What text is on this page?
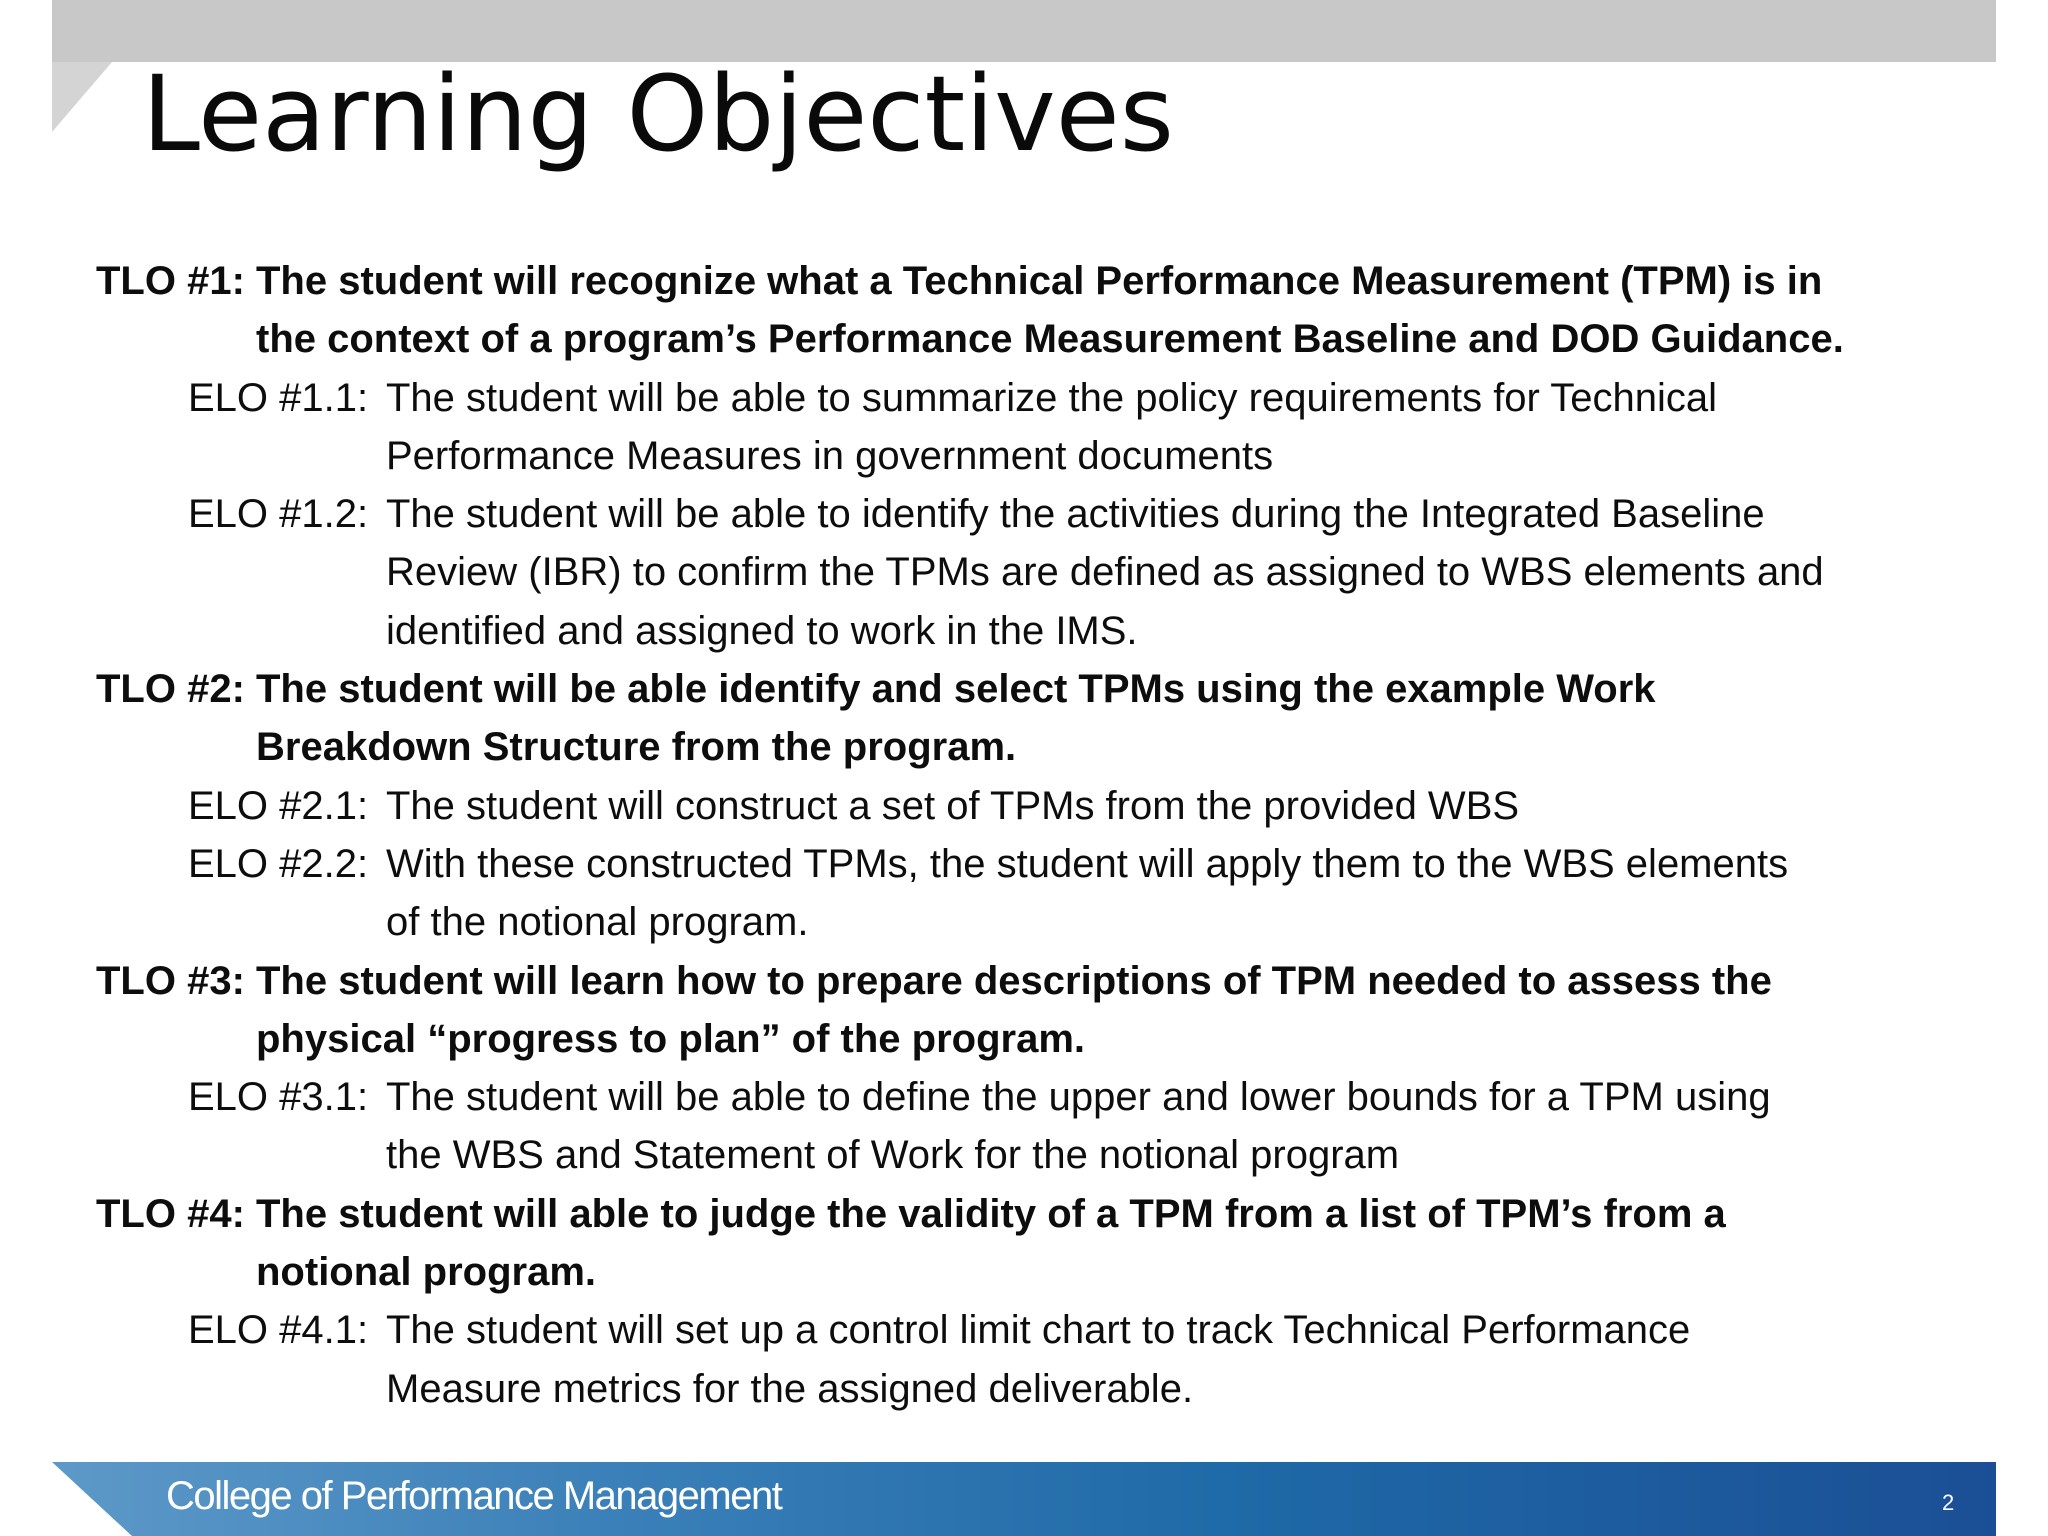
Learning Objectives
TLO #1: The student will recognize what a Technical Performance Measurement (TPM) is in
the context of a program’s Performance Measurement Baseline and DOD Guidance.
ELO #1.1: The student will be able to summarize the policy requirements for Technical
Performance Measures in government documents
ELO #1.2: The student will be able to identify the activities during the Integrated Baseline
Review (IBR) to confirm the TPMs are defined as assigned to WBS elements and
identified and assigned to work in the IMS.
TLO #2: The student will be able identify and select TPMs using the example Work
Breakdown Structure from the program.
ELO #2.1: The student will construct a set of TPMs from the provided WBS
ELO #2.2: With these constructed TPMs, the student will apply them to the WBS elements
of the notional program.
TLO #3: The student will learn how to prepare descriptions of TPM needed to assess the
physical “progress to plan” of the program.
ELO #3.1: The student will be able to define the upper and lower bounds for a TPM using
the WBS and Statement of Work for the notional program
TLO #4: The student will able to judge the validity of a TPM from a list of TPM’s from a
notional program.
ELO #4.1: The student will set up a control limit chart to track Technical Performance
Measure metrics for the assigned deliverable.
College of Performance Management	2
